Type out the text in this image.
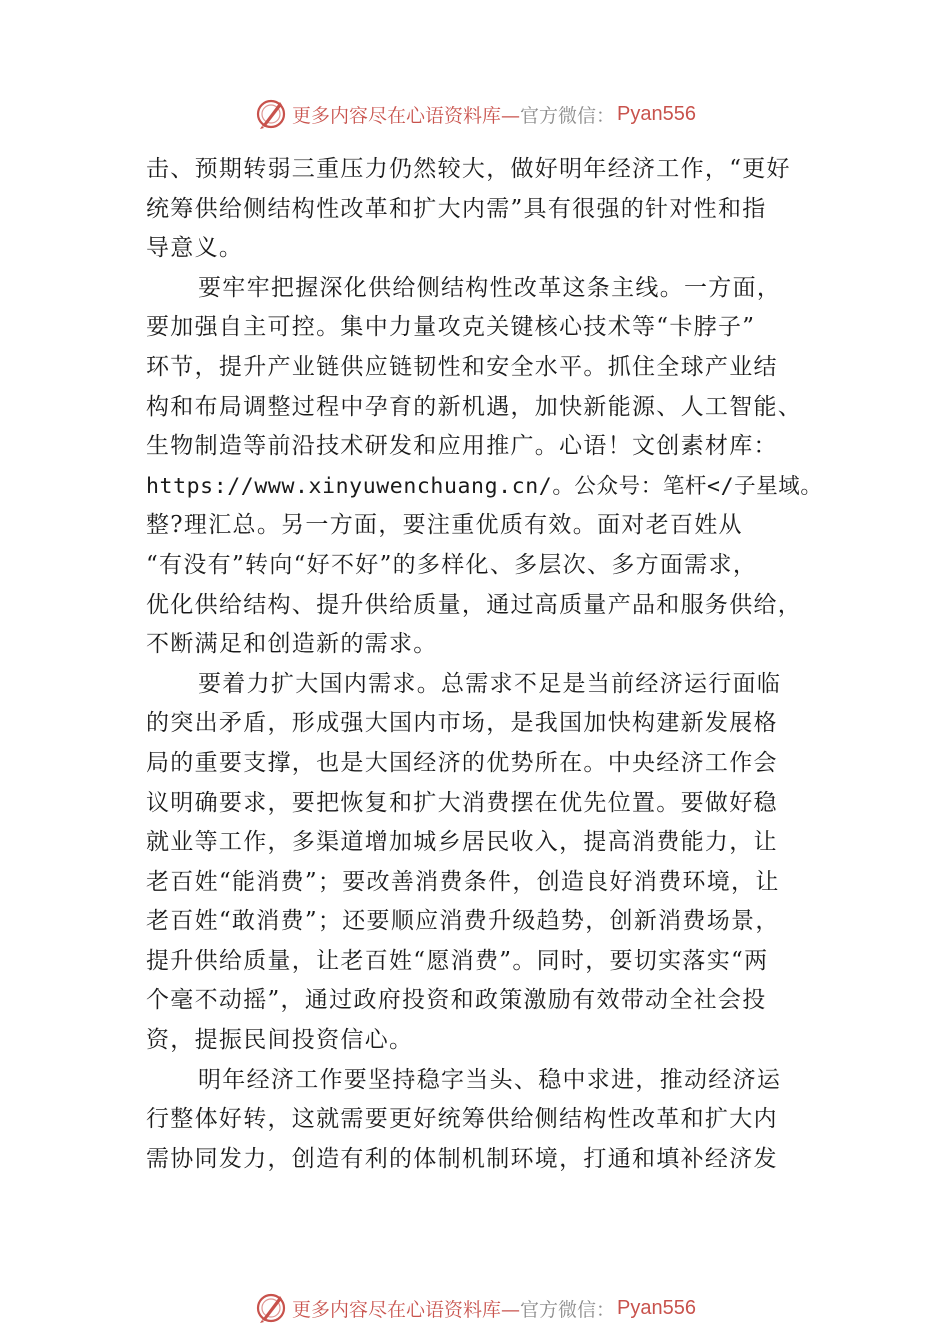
更多内容尽在心语资料库— 官方微信： Pyan556
击、预期转弱三重压力仍然较大，做好明年经济工作，“更好
统筹供给侧结构性改革和扩大内需”具有很强的针对性和指
导意义。
要牢牢把握深化供给侧结构性改革这条主线。一方面，
要加强自主可控。集中力量攻克关键核心技术等“卡脖子”
环节，提升产业链供应链韧性和安全水平。抓住全球产业结
构和布局调整过程中孕育的新机遇，加快新能源、人工智能、
生物制造等前沿技术研发和应用推广。心语！文创素材库：
https://www.xinyuwenchuang.cn/。公众号：笔杆</子星域。
整?理汇总。另一方面，要注重优质有效。面对老百姓从
“有没有”转向“好不好”的多样化、多层次、多方面需求，
优化供给结构、提升供给质量，通过高质量产品和服务供给，
不断满足和创造新的需求。
要着力扩大国内需求。总需求不足是当前经济运行面临
的突出矛盾，形成强大国内市场，是我国加快构建新发展格
局的重要支撑，也是大国经济的优势所在。中央经济工作会
议明确要求，要把恢复和扩大消费摆在优先位置。要做好稳
就业等工作，多渠道增加城乡居民收入，提高消费能力，让
老百姓“能消费”；要改善消费条件，创造良好消费环境，让
老百姓“敢消费”；还要顺应消费升级趋势，创新消费场景，
提升供给质量，让老百姓“愿消费”。同时，要切实落实“两
个毫不动摇”，通过政府投资和政策激励有效带动全社会投
资，提振民间投资信心。
明年经济工作要坚持稳字当头、稳中求进，推动经济运
行整体好转，这就需要更好统筹供给侧结构性改革和扩大内
需协同发力，创造有利的体制机制环境，打通和填补经济发
更多内容尽在心语资料库— 官方微信： Pyan556
